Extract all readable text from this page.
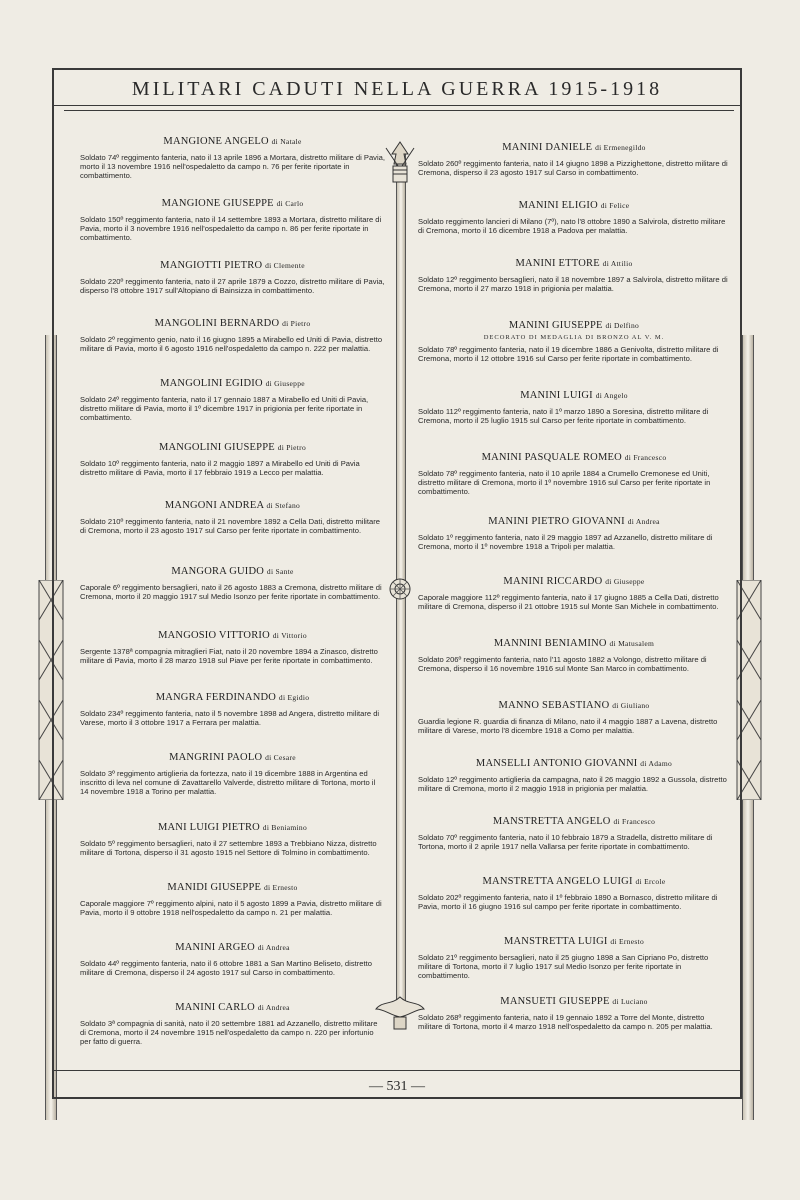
MILITARI CADUTI NELLA GUERRA 1915-1918
MANGIONE ANGELO di Natale

Soldato 74º reggimento fanteria, nato il 13 aprile 1896 a Mortara, distretto militare di Pavia, morto il 13 novembre 1916 nell'ospedaletto da campo n. 76 per ferite riportate in combattimento.

MANGIONE GIUSEPPE di Carlo

Soldato 150º reggimento fanteria, nato il 14 settembre 1893 a Mortara, distretto militare di Pavia, morto il 3 novembre 1916 nell'ospedaletto da campo n. 86 per ferite riportate in combattimento.

MANGIOTTI PIETRO di Clemente

Soldato 220º reggimento fanteria, nato il 27 aprile 1879 a Cozzo, distretto militare di Pavia, disperso l'8 ottobre 1917 sull'Altopiano di Bainsizza in combattimento.

MANGOLINI BERNARDO di Pietro

Soldato 2º reggimento genio, nato il 16 giugno 1895 a Mirabello ed Uniti di Pavia, distretto militare di Pavia, morto il 6 agosto 1916 nell'ospedaletto da campo n. 222 per malattia.

MANGOLINI EGIDIO di Giuseppe

Soldato 24º reggimento fanteria, nato il 17 gennaio 1887 a Mirabello ed Uniti di Pavia, distretto militare di Pavia, morto il 1º dicembre 1917 in prigionia per ferite riportate in combattimento.

MANGOLINI GIUSEPPE di Pietro

Soldato 10º reggimento fanteria, nato il 2 maggio 1897 a Mirabello ed Uniti di Pavia distretto militare di Pavia, morto il 17 febbraio 1919 a Lecco per malattia.

MANGONI ANDREA di Stefano

Soldato 210º reggimento fanteria, nato il 21 novembre 1892 a Cella Dati, distretto militare di Cremona, morto il 23 agosto 1917 sul Carso per ferite riportate in combattimento.

MANGORA GUIDO di Sante

Caporale 6º reggimento bersaglieri, nato il 26 agosto 1883 a Cremona, distretto militare di Cremona, morto il 20 maggio 1917 sul Medio Isonzo per ferite riportate in combattimento.

MANGOSIO VITTORIO di Vittorio

Sergente 1378ª compagnia mitraglieri Fiat, nato il 20 novembre 1894 a Zinasco, distretto militare di Pavia, morto il 28 marzo 1918 sul Piave per ferite riportate in combattimento.

MANGRA FERDINANDO di Egidio

Soldato 234º reggimento fanteria, nato il 5 novembre 1898 ad Angera, distretto militare di Varese, morto il 3 ottobre 1917 a Ferrara per malattia.

MANGRINI PAOLO di Cesare

Soldato 3º reggimento artiglieria da fortezza, nato il 19 dicembre 1888 in Argentina ed inscritto di leva nel comune di Zavattarello Valverde, distretto militare di Tortona, morto il 14 novembre 1918 a Torino per malattia.

MANI LUIGI PIETRO di Beniamino

Soldato 5º reggimento bersaglieri, nato il 27 settembre 1893 a Trebbiano Nizza, distretto militare di Tortona, disperso il 31 agosto 1915 nel Settore di Tolmino in combattimento.

MANIDI GIUSEPPE di Ernesto

Caporale maggiore 7º reggimento alpini, nato il 5 agosto 1899 a Pavia, distretto militare di Pavia, morto il 9 ottobre 1918 nell'ospedaletto da campo n. 21 per malattia.

MANINI ARGEO di Andrea

Soldato 44º reggimento fanteria, nato il 6 ottobre 1881 a San Martino Beliseto, distretto militare di Cremona, disperso il 24 agosto 1917 sul Carso in combattimento.

MANINI CARLO di Andrea

Soldato 3ª compagnia di sanità, nato il 20 settembre 1881 ad Azzanello, distretto militare di Cremona, morto il 24 novembre 1915 nell'ospedaletto da campo n. 220 per infortunio per fatto di guerra.

MANINI DANIELE di Ermenegildo

Soldato 260º reggimento fanteria, nato il 14 giugno 1898 a Pizzighettone, distretto militare di Cremona, disperso il 23 agosto 1917 sul Carso in combattimento.

MANINI ELIGIO di Felice

Soldato reggimento lancieri di Milano (7º), nato l'8 ottobre 1890 a Salvirola, distretto militare di Cremona, morto il 16 dicembre 1918 a Padova per malattia.

MANINI ETTORE di Attilio

Soldato 12º reggimento bersaglieri, nato il 18 novembre 1897 a Salvirola, distretto militare di Cremona, morto il 27 marzo 1918 in prigionia per malattia.

MANINI GIUSEPPE di Delfino
DECORATO DI MEDAGLIA DI BRONZO AL V. M.

Soldato 78º reggimento fanteria, nato il 19 dicembre 1886 a Genivolta, distretto militare di Cremona, morto il 12 ottobre 1916 sul Carso per ferite riportate in combattimento.

MANINI LUIGI di Angelo

Soldato 112º reggimento fanteria, nato il 1º marzo 1890 a Soresina, distretto militare di Cremona, morto il 25 luglio 1915 sul Carso per ferite riportate in combattimento.

MANINI PASQUALE ROMEO di Francesco

Soldato 78º reggimento fanteria, nato il 10 aprile 1884 a Crumello Cremonese ed Uniti, distretto militare di Cremona, morto il 1º novembre 1916 sul Carso per ferite riportate in combattimento.

MANINI PIETRO GIOVANNI di Andrea

Soldato 1º reggimento fanteria, nato il 29 maggio 1897 ad Azzanello, distretto militare di Cremona, morto il 1º novembre 1918 a Tripoli per malattia.

MANINI RICCARDO di Giuseppe

Caporale maggiore 112º reggimento fanteria, nato il 17 giugno 1885 a Cella Dati, distretto militare di Cremona, disperso il 21 ottobre 1915 sul Monte San Michele in combattimento.

MANNINI BENIAMINO di Matusalem

Soldato 206º reggimento fanteria, nato l'11 agosto 1882 a Volongo, distretto militare di Cremona, disperso il 16 novembre 1916 sul Monte San Marco in combattimento.

MANNO SEBASTIANO di Giuliano

Guardia legione R. guardia di finanza di Milano, nato il 4 maggio 1887 a Lavena, distretto militare di Varese, morto l'8 dicembre 1918 a Como per malattia.

MANSELLI ANTONIO GIOVANNI di Adamo

Soldato 12º reggimento artiglieria da campagna, nato il 26 maggio 1892 a Gussola, distretto militare di Cremona, morto il 2 maggio 1918 in prigionia per malattia.

MANSTRETTA ANGELO di Francesco

Soldato 70º reggimento fanteria, nato il 10 febbraio 1879 a Stradella, distretto militare di Tortona, morto il 2 aprile 1917 nella Vallarsa per ferite riportate in combattimento.

MANSTRETTA ANGELO LUIGI di Ercole

Soldato 202º reggimento fanteria, nato il 1º febbraio 1890 a Bornasco, distretto militare di Pavia, morto il 16 giugno 1916 sul campo per ferite riportate in combattimento.

MANSTRETTA LUIGI di Ernesto

Soldato 21º reggimento bersaglieri, nato il 25 giugno 1898 a San Cipriano Po, distretto militare di Tortona, morto il 7 luglio 1917 sul Medio Isonzo per ferite riportate in combattimento.

MANSUETI GIUSEPPE di Luciano

Soldato 268º reggimento fanteria, nato il 19 gennaio 1892 a Torre del Monte, distretto militare di Tortona, morto il 4 marzo 1918 nell'ospedaletto da campo n. 205 per malattia.

— 531 —
